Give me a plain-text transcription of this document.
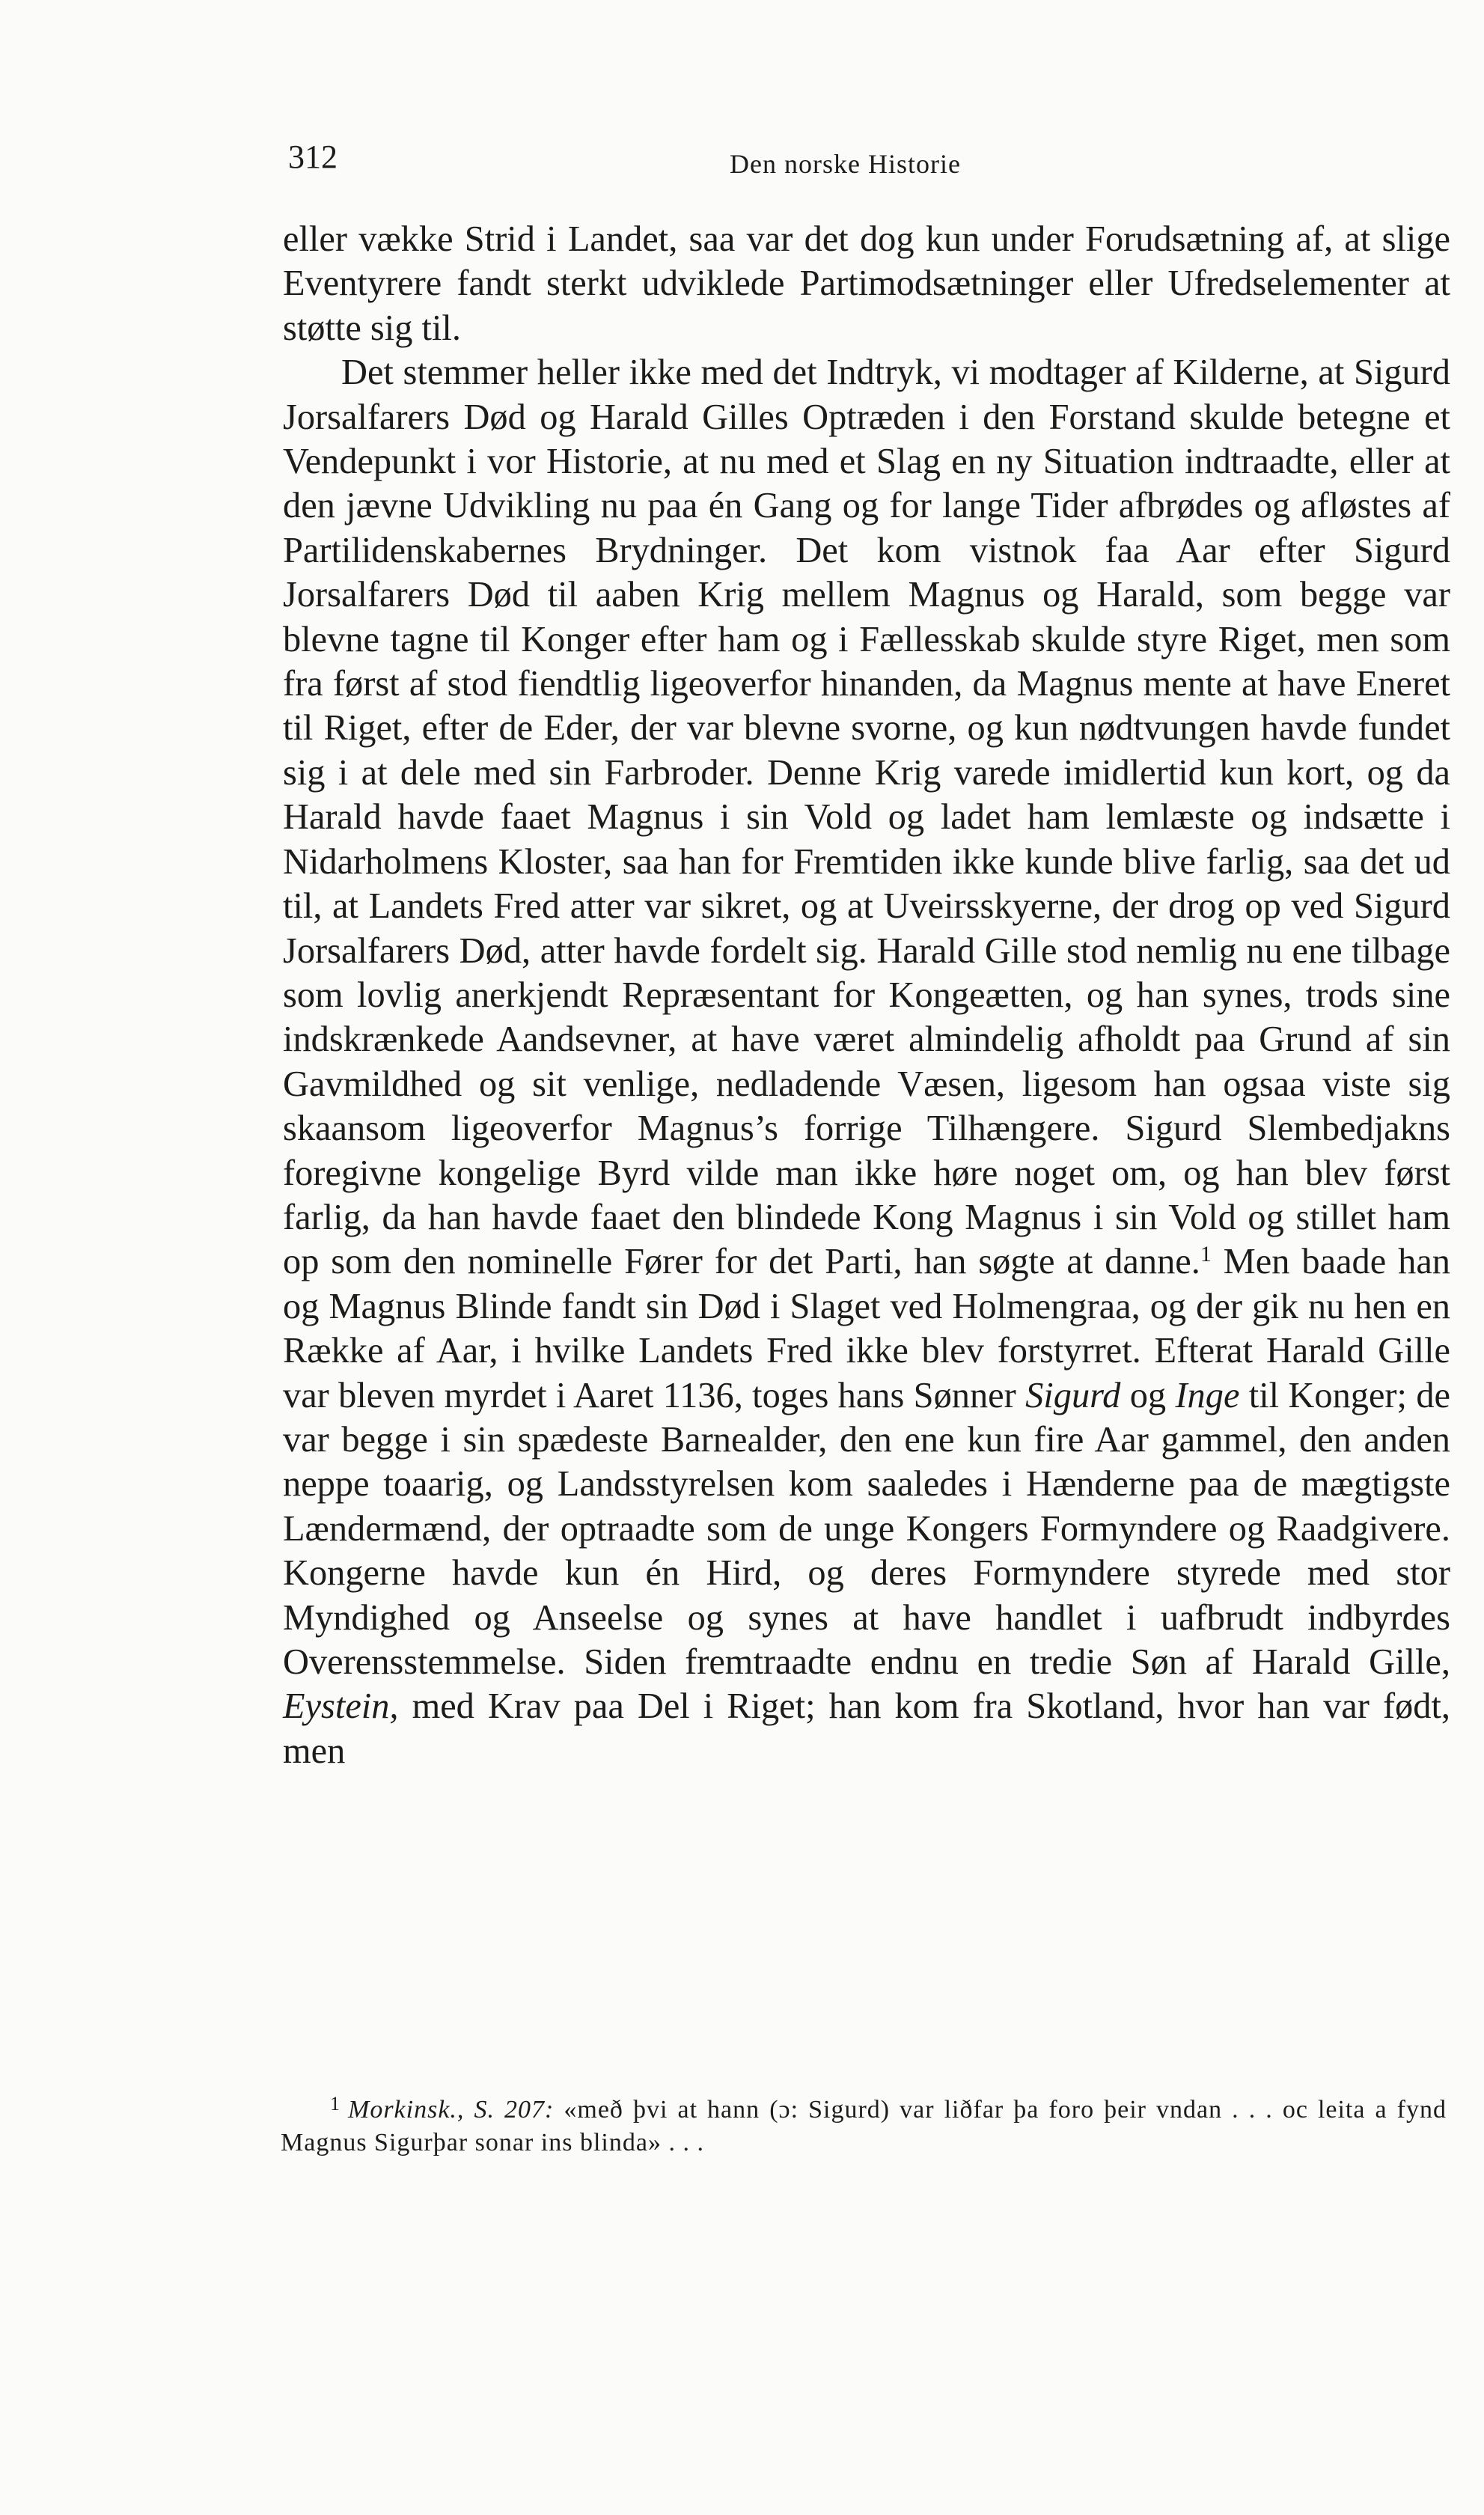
312	Den norske Historie

eller vække Strid i Landet, saa var det dog kun under Forudsætning af, at slige Eventyrere fandt sterkt udviklede Partimodsætninger eller Ufredselementer at støtte sig til.

Det stemmer heller ikke med det Indtryk, vi modtager af Kilderne, at Sigurd Jorsalfarers Død og Harald Gilles Optræden i den Forstand skulde betegne et Vendepunkt i vor Historie, at nu med et Slag en ny Situation indtraadte, eller at den jævne Udvikling nu paa én Gang og for lange Tider afbrødes og afløstes af Partilidenskabernes Brydninger. Det kom vistnok faa Aar efter Sigurd Jorsalfarers Død til aaben Krig mellem Magnus og Harald, som begge var blevne tagne til Konger efter ham og i Fællesskab skulde styre Riget, men som fra først af stod fiendtlig ligeoverfor hinanden, da Magnus mente at have Eneret til Riget, efter de Eder, der var blevne svorne, og kun nødtvungen havde fundet sig i at dele med sin Farbroder. Denne Krig varede imidlertid kun kort, og da Harald havde faaet Magnus i sin Vold og ladet ham lemlæste og indsætte i Nidarholmens Kloster, saa han for Fremtiden ikke kunde blive farlig, saa det ud til, at Landets Fred atter var sikret, og at Uveirsskyerne, der drog op ved Sigurd Jorsalfarers Død, atter havde fordelt sig. Harald Gille stod nemlig nu ene tilbage som lovlig anerkjendt Repræsentant for Kongeætten, og han synes, trods sine indskrænkede Aandsevner, at have været almindelig afholdt paa Grund af sin Gavmildhed og sit venlige, nedladende Væsen, ligesom han ogsaa viste sig skaansom ligeoverfor Magnus’s forrige Tilhængere. Sigurd Slembedjakns foregivne kongelige Byrd vilde man ikke høre noget om, og han blev først farlig, da han havde faaet den blindede Kong Magnus i sin Vold og stillet ham op som den nominelle Fører for det Parti, han søgte at danne.$^1$ Men baade han og Magnus Blinde fandt sin Død i Slaget ved Holmengraa, og der gik nu hen en Række af Aar, i hvilke Landets Fred ikke blev forstyrret. Efterat Harald Gille var bleven myrdet i Aaret 1136, toges hans Sønner Sigurd og Inge til Konger; de var begge i sin spædeste Barnealder, den ene kun fire Aar gammel, den anden neppe toaarig, og Landsstyrelsen kom saaledes i Hænderne paa de mægtigste Lændermænd, der optraadte som de unge Kongers Formyndere og Raadgivere. Kongerne havde kun én Hird, og deres Formyndere styrede med stor Myndighed og Anseelse og synes at have handlet i uafbrudt indbyrdes Overensstemmelse. Siden fremtraadte endnu en tredie Søn af Harald Gille, Eystein, med Krav paa Del i Riget; han kom fra Skotland, hvor han var født, men

$^1$ Morkinsk., S. 207: «með þvi at hann (ɔ: Sigurd) var liðfar þa foro þeir vndan . . . oc leita a fynd Magnus Sigurþar sonar ins blinda» . . .
